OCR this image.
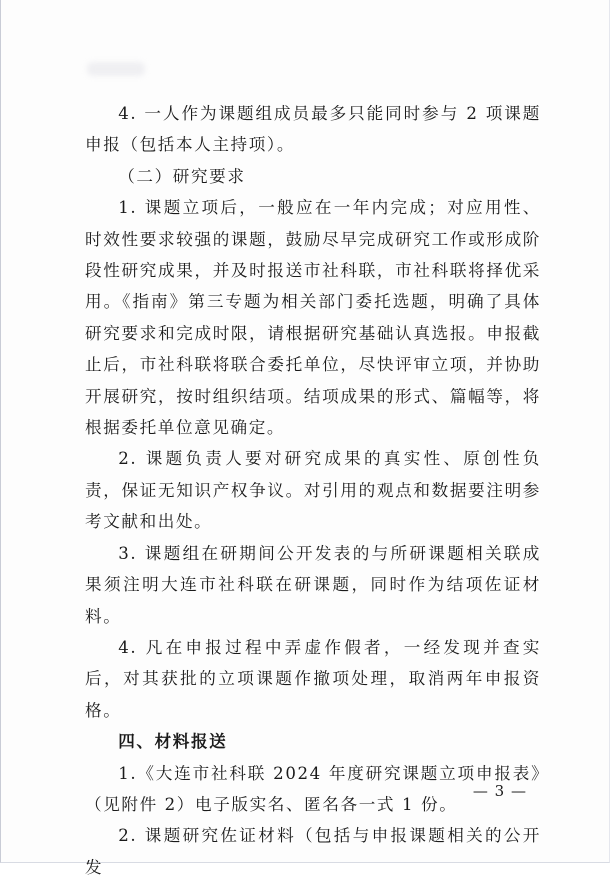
4. 一人作为课题组成员最多只能同时参与 2 项课题申报（包括本人主持项）。

（二）研究要求

1. 课题立项后，一般应在一年内完成；对应用性、时效性要求较强的课题，鼓励尽早完成研究工作或形成阶段性研究成果，并及时报送市社科联，市社科联将择优采用。《指南》第三专题为相关部门委托选题，明确了具体研究要求和完成时限，请根据研究基础认真选报。申报截止后，市社科联将联合委托单位，尽快评审立项，并协助开展研究，按时组织结项。结项成果的形式、篇幅等，将根据委托单位意见确定。

2. 课题负责人要对研究成果的真实性、原创性负责，保证无知识产权争议。对引用的观点和数据要注明参考文献和出处。

3. 课题组在研期间公开发表的与所研课题相关联成果须注明大连市社科联在研课题，同时作为结项佐证材料。

4. 凡在申报过程中弄虚作假者，一经发现并查实后，对其获批的立项课题作撤项处理，取消两年申报资格。

四、材料报送

1.《大连市社科联 2024 年度研究课题立项申报表》（见附件 2）电子版实名、匿名各一式 1 份。

2. 课题研究佐证材料（包括与申报课题相关的公开发

— 3 —
